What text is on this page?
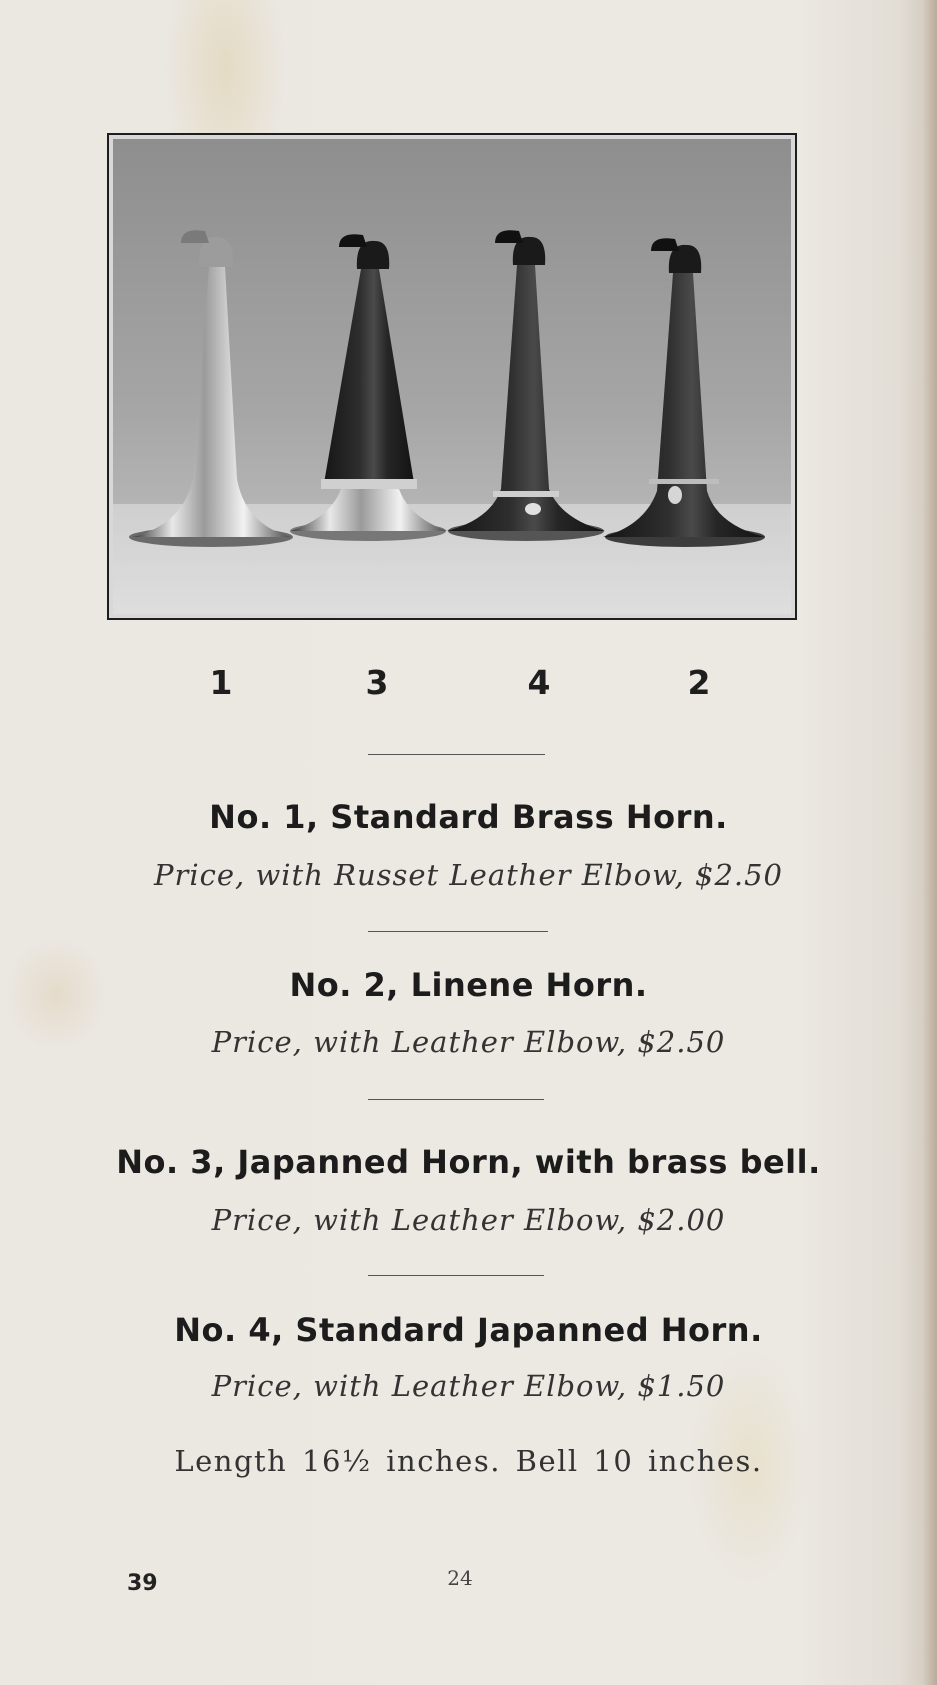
1	3	4	2
No. 1, Standard Brass Horn.
Price, with Russet Leather Elbow, $2.50
No. 2, Linene Horn.
Price, with Leather Elbow, $2.50
No. 3, Japanned Horn, with brass bell.
Price, with Leather Elbow, $2.00
No. 4, Standard Japanned Horn.
Price, with Leather Elbow, $1.50
Length 16½ inches. Bell 10 inches.
39	24
